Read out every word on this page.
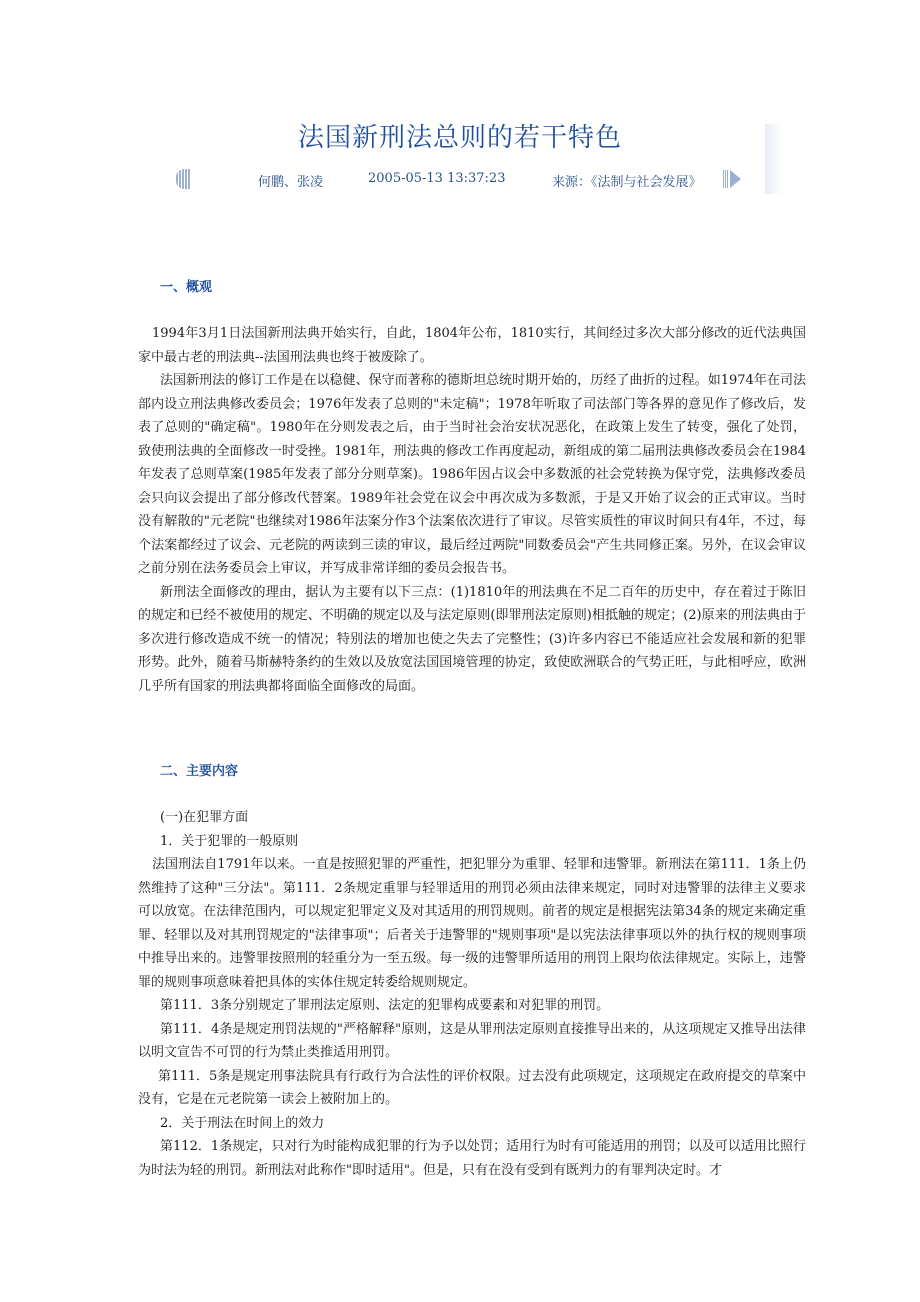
法国新刑法总则的若干特色
何鹏、张凌	2005-05-13 13:37:23	来源：《法制与社会发展》
一、概观

1994年3月1日法国新刑法典开始实行，自此，1804年公布，1810实行，其间经过多次大部分修改的近代法典国家中最古老的刑法典--法国刑法典也终于被废除了。

法国新刑法的修订工作是在以稳健、保守而著称的德斯坦总统时期开始的，历经了曲折的过程。如1974年在司法部内设立刑法典修改委员会；1976年发表了总则的"未定稿"；1978年听取了司法部门等各界的意见作了修改后，发表了总则的"确定稿"。1980年在分则发表之后，由于当时社会治安状况恶化，在政策上发生了转变，强化了处罚，致使刑法典的全面修改一时受挫。1981年，刑法典的修改工作再度起动，新组成的第二届刑法典修改委员会在1984年发表了总则草案(1985年发表了部分分则草案)。1986年因占议会中多数派的社会党转换为保守党，法典修改委员会只向议会提出了部分修改代替案。1989年社会党在议会中再次成为多数派，于是又开始了议会的正式审议。当时没有解散的"元老院"也继续对1986年法案分作3个法案依次进行了审议。尽管实质性的审议时间只有4年，不过，每个法案都经过了议会、元老院的两读到三读的审议，最后经过两院"同数委员会"产生共同修正案。另外，在议会审议之前分别在法务委员会上审议，并写成非常详细的委员会报告书。

新刑法全面修改的理由，据认为主要有以下三点：(1)1810年的刑法典在不足二百年的历史中，存在着过于陈旧的规定和已经不被使用的规定、不明确的规定以及与法定原则(即罪刑法定原则)相抵触的规定；(2)原来的刑法典由于多次进行修改造成不统一的情况；特别法的增加也使之失去了完整性；(3)许多内容已不能适应社会发展和新的犯罪形势。此外，随着马斯赫特条约的生效以及放宽法国国境管理的协定，致使欧洲联合的气势正旺，与此相呼应，欧洲几乎所有国家的刑法典都将面临全面修改的局面。

二、主要内容

(一)在犯罪方面

1．关于犯罪的一般原则

法国刑法自1791年以来。一直是按照犯罪的严重性，把犯罪分为重罪、轻罪和违警罪。新刑法在第111．1条上仍然维持了这种"三分法"。第111．2条规定重罪与轻罪适用的刑罚必须由法律来规定，同时对违警罪的法律主义要求可以放宽。在法律范围内，可以规定犯罪定义及对其适用的刑罚规则。前者的规定是根据宪法第34条的规定来确定重罪、轻罪以及对其刑罚规定的"法律事项"；后者关于违警罪的"规则事项"是以宪法法律事项以外的执行权的规则事项中推导出来的。违警罪按照刑的轻重分为一至五级。每一级的违警罪所适用的刑罚上限均依法律规定。实际上，违警罪的规则事项意味着把具体的实体住规定转委给规则规定。

第111．3条分别规定了罪刑法定原则、法定的犯罪构成要素和对犯罪的刑罚。

第111．4条是规定刑罚法规的"严格解释"原则，这是从罪刑法定原则直接推导出来的，从这项规定又推导出法律以明文宣告不可罚的行为禁止类推适用刑罚。

第111．5条是规定刑事法院具有行政行为合法性的评价权限。过去没有此项规定，这项规定在政府提交的草案中没有，它是在元老院第一读会上被附加上的。

2．关于刑法在时间上的效力

第112．1条规定，只对行为时能构成犯罪的行为予以处罚；适用行为时有可能适用的刑罚；以及可以适用比照行为时法为轻的刑罚。新刑法对此称作"即时适用"。但是，只有在没有受到有既判力的有罪判决定时。才
